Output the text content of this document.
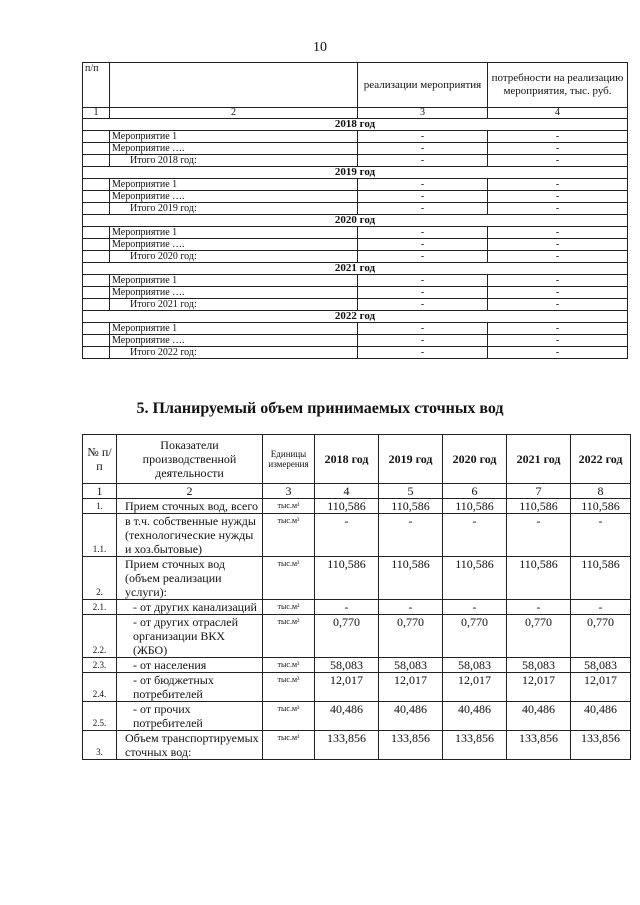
10
п/п		реализации мероприятия	потребности на реализацию мероприятия, тыс. руб.
1	2	3	4
2018 год			
	Мероприятие 1	-	-
	Мероприятие ….	-	-
	Итого 2018 год:	-	-
2019 год			
	Мероприятие 1	-	-
	Мероприятие ….	-	-
	Итого 2019 год:	-	-
2020 год			
	Мероприятие 1	-	-
	Мероприятие ….	-	-
	Итого 2020 год:	-	-
2021 год			
	Мероприятие 1	-	-
	Мероприятие ….	-	-
	Итого 2021 год:	-	-
2022 год			
	Мероприятие 1	-	-
	Мероприятие ….	-	-
	Итого 2022 год:	-	-
5. Планируемый объем принимаемых сточных вод
№ п/п	Показатели производственной деятельности	Единицы измерения	2018 год	2019 год	2020 год	2021 год	2022 год
1	2	3	4	5	6	7	8
1.	Прием сточных вод, всего	тыс.м³	110,586	110,586	110,586	110,586	110,586
1.1.	в т.ч. собственные нужды (технологические нужды и хоз.бытовые)	тыс.м³	-	-	-	-	-
2.	Прием сточных вод (объем реализации услуги):	тыс.м³	110,586	110,586	110,586	110,586	110,586
2.1.	- от других канализаций	тыс.м³	-	-	-	-	-
2.2.	- от других отраслей организации ВКХ (ЖБО)	тыс.м³	0,770	0,770	0,770	0,770	0,770
2.3.	- от населения	тыс.м³	58,083	58,083	58,083	58,083	58,083
2.4.	- от бюджетных потребителей	тыс.м³	12,017	12,017	12,017	12,017	12,017
2.5.	- от прочих потребителей	тыс.м³	40,486	40,486	40,486	40,486	40,486
3.	Объем транспортируемых сточных вод:	тыс.м³	133,856	133,856	133,856	133,856	133,856
